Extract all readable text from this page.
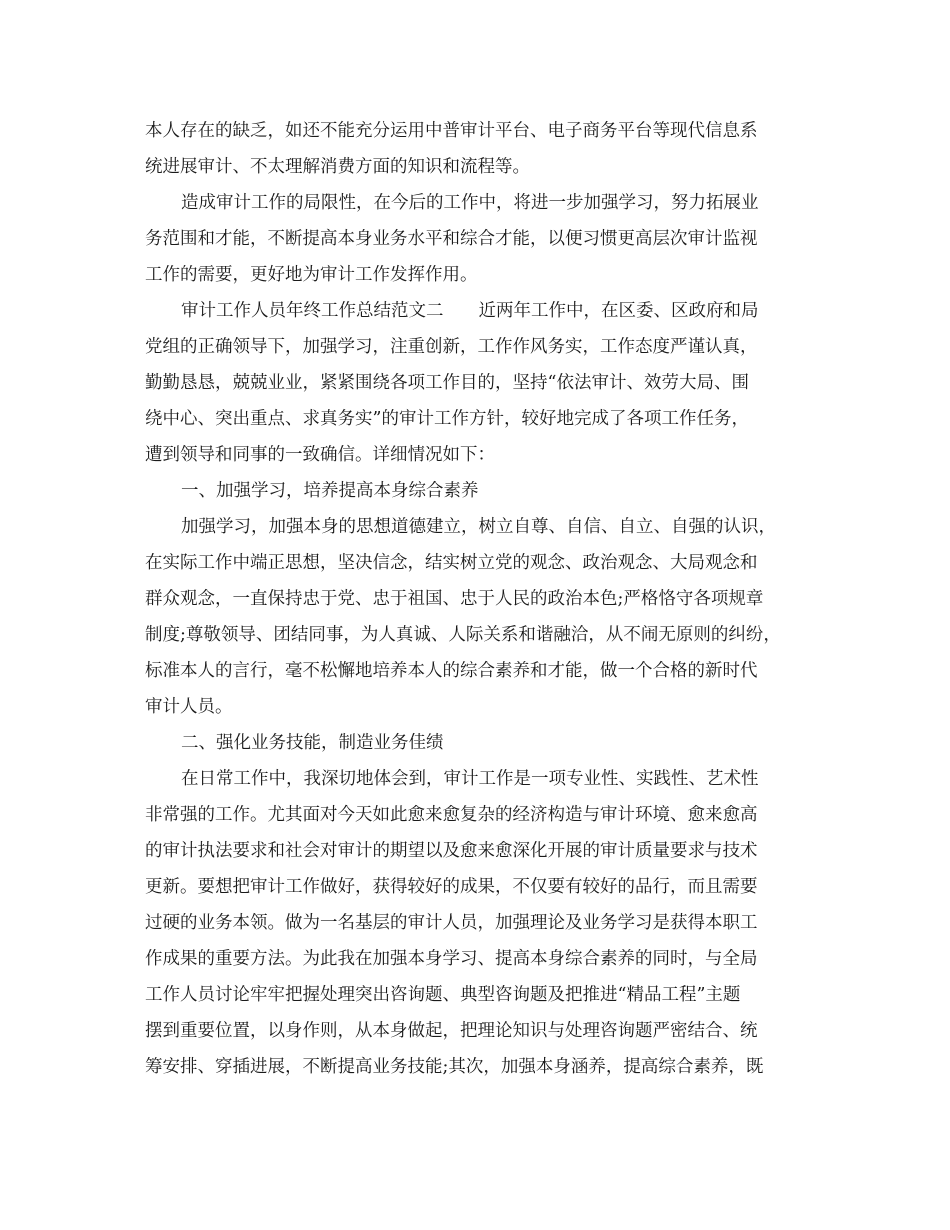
本人存在的缺乏，如还不能充分运用中普审计平台、电子商务平台等现代信息系
统进展审计、不太理解消费方面的知识和流程等。
造成审计工作的局限性，在今后的工作中，将进一步加强学习，努力拓展业
务范围和才能，不断提高本身业务水平和综合才能，以便习惯更高层次审计监视
工作的需要，更好地为审计工作发挥作用。
审计工作人员年终工作总结范文二　　近两年工作中，在区委、区政府和局
党组的正确领导下，加强学习，注重创新，工作作风务实，工作态度严谨认真，
勤勤恳恳，兢兢业业，紧紧围绕各项工作目的，坚持“依法审计、效劳大局、围
绕中心、突出重点、求真务实”的审计工作方针，较好地完成了各项工作任务，
遭到领导和同事的一致确信。详细情况如下：
一、加强学习，培养提高本身综合素养
加强学习，加强本身的思想道德建立，树立自尊、自信、自立、自强的认识，
在实际工作中端正思想，坚决信念，结实树立党的观念、政治观念、大局观念和
群众观念，一直保持忠于党、忠于祖国、忠于人民的政治本色;严格恪守各项规章
制度;尊敬领导、团结同事，为人真诚、人际关系和谐融洽，从不闹无原则的纠纷，
标准本人的言行，毫不松懈地培养本人的综合素养和才能，做一个合格的新时代
审计人员。
二、强化业务技能，制造业务佳绩
在日常工作中，我深切地体会到，审计工作是一项专业性、实践性、艺术性
非常强的工作。尤其面对今天如此愈来愈复杂的经济构造与审计环境、愈来愈高
的审计执法要求和社会对审计的期望以及愈来愈深化开展的审计质量要求与技术
更新。要想把审计工作做好，获得较好的成果，不仅要有较好的品行，而且需要
过硬的业务本领。做为一名基层的审计人员，加强理论及业务学习是获得本职工
作成果的重要方法。为此我在加强本身学习、提高本身综合素养的同时，与全局
工作人员讨论牢牢把握处理突出咨询题、典型咨询题及把推进“精品工程”主题
摆到重要位置，以身作则，从本身做起，把理论知识与处理咨询题严密结合、统
筹安排、穿插进展，不断提高业务技能;其次，加强本身涵养，提高综合素养，既
